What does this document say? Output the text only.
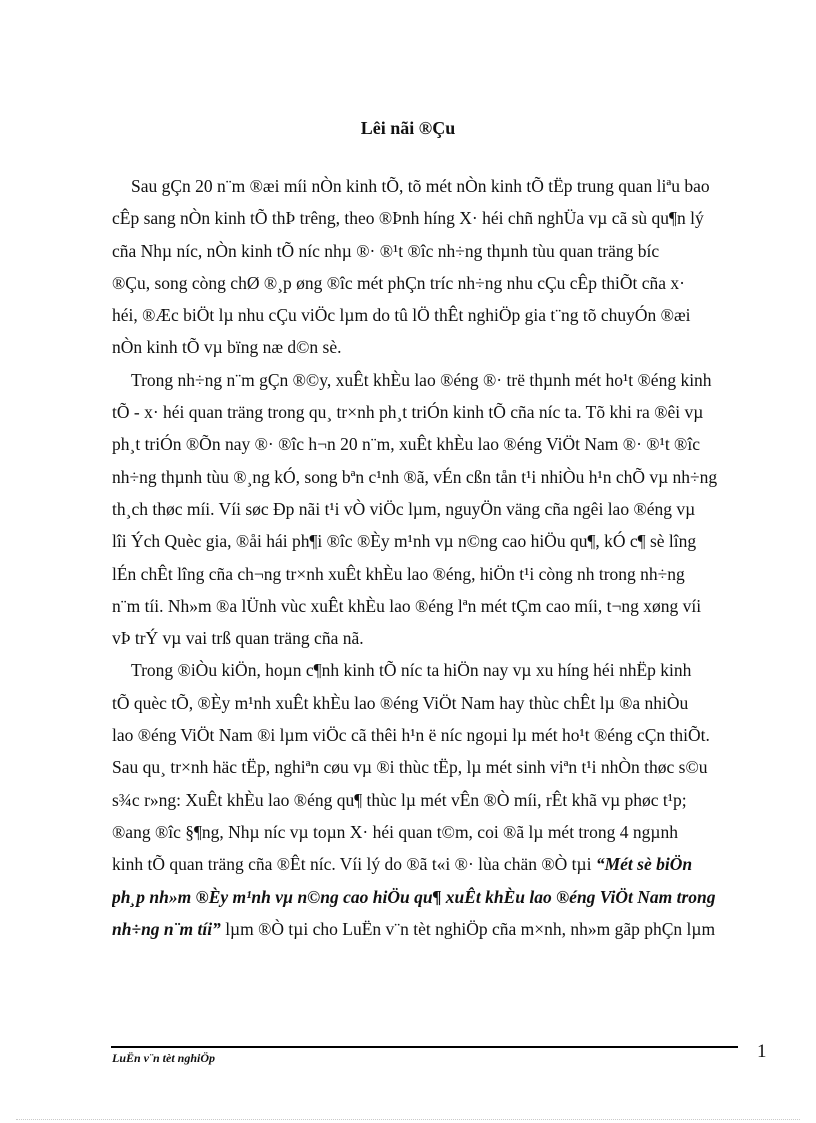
Lêi nãi ®Çu
Sau gÇn 20 n¨m ®æi míi nÒn kinh tÕ, tõ mét nÒn kinh tÕ tËp trung quan liªu bao
cÊp sang nÒn kinh tÕ thÞ trêng, theo ®Þnh híng X· héi chñ nghÜa vµ cã sù qu¶n lý
cña Nhµ níc, nÒn kinh tÕ níc nhµ ®· ®¹t ®îc nh÷ng thµnh tùu quan träng bíc
®Çu, song còng chØ ®¸p øng ®îc mét phÇn tríc nh÷ng nhu cÇu cÊp thiÕt cña x·
héi, ®Æc biÖt lµ nhu cÇu viÖc lµm do tû lÖ thÊt nghiÖp gia t¨ng tõ chuyÓn ®æi
nÒn kinh tÕ vµ bïng næ d©n sè.
Trong nh÷ng n¨m gÇn ®©y, xuÊt khÈu lao ®éng ®· trë thµnh mét ho¹t ®éng kinh
tÕ - x· héi quan träng trong qu¸ tr×nh ph¸t triÓn kinh tÕ cña níc ta. Tõ khi ra ®êi vµ
ph¸t triÓn ®Õn nay ®· ®îc h¬n 20 n¨m, xuÊt khÈu lao ®éng ViÖt Nam ®· ®¹t ®îc
nh÷ng thµnh tùu ®¸ng kÓ, song bªn c¹nh ®ã, vÉn cßn tån t¹i nhiÒu h¹n chÕ vµ nh÷ng
th¸ch thøc míi. Víi søc Ðp nãi t¹i vÒ viÖc lµm, nguyÖn väng cña ngêi lao ®éng vµ
lîi Ých Quèc gia, ®åi hái ph¶i ®îc ®Èy m¹nh vµ n©ng cao hiÖu qu¶, kÓ c¶ sè lîng
lÉn chÊt lîng cña ch¬ng tr×nh xuÊt khÈu lao ®éng, hiÖn t¹i còng nh trong nh÷ng
n¨m tíi. Nh»m ®a lÜnh vùc xuÊt khÈu lao ®éng lªn mét tÇm cao míi, t¬ng xøng víi
vÞ trÝ vµ vai trß quan träng cña nã.
Trong ®iÒu kiÖn, hoµn c¶nh kinh tÕ níc ta hiÖn nay vµ xu híng héi nhËp kinh
tÕ quèc tÕ, ®Èy m¹nh xuÊt khÈu lao ®éng ViÖt Nam hay thùc chÊt lµ ®a nhiÒu
lao ®éng ViÖt Nam ®i lµm viÖc cã thêi h¹n ë níc ngoµi lµ mét ho¹t ®éng cÇn thiÕt.
Sau qu¸ tr×nh häc tËp, nghiªn cøu vµ ®i thùc tËp, lµ mét sinh viªn t¹i nhÒn thøc s©u
s¾c r»ng: XuÊt khÈu lao ®éng qu¶ thùc lµ mét vÊn ®Ò míi, rÊt khã vµ phøc t¹p;
®ang ®îc §¶ng, Nhµ níc vµ toµn X· héi quan t©m, coi ®ã lµ mét trong 4 ngµnh
kinh tÕ quan träng cña ®Êt níc. Víi lý do ®ã t«i ®· lùa chän ®Ò tµi “Mét sè biÖn
ph¸p nh»m ®Èy m¹nh vµ n©ng cao hiÖu qu¶ xuÊt khÈu lao ®éng ViÖt Nam trong
nh÷ng n¨m tíi” lµm ®Ò tµi cho LuËn v¨n tèt nghiÖp cña m×nh, nh»m gãp phÇn lµm
LuËn v¨n tèt nghiÖp	1
